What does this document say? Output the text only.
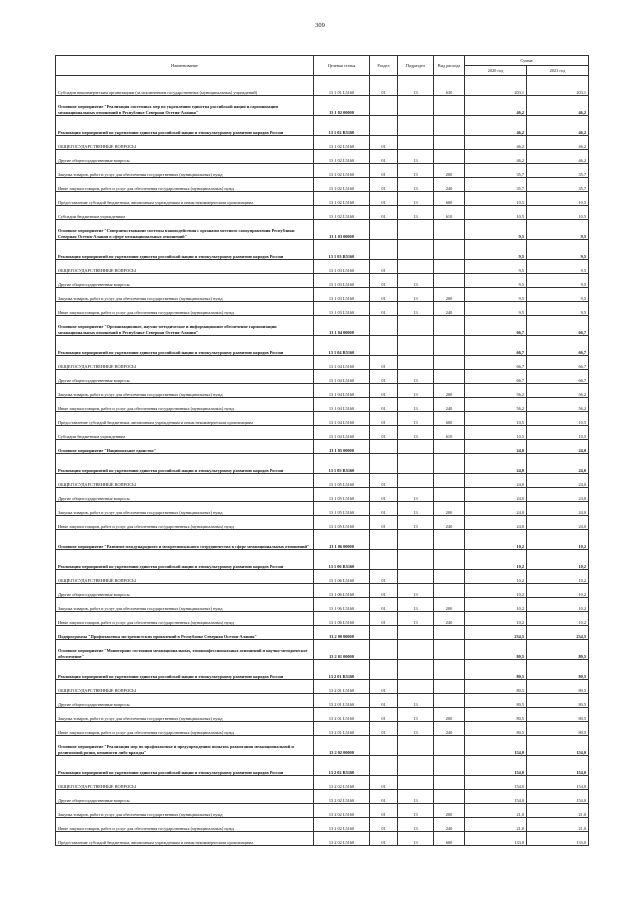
309
Наименование	Целевая статья	Раздел	Подраздел	Вид расхода	Сумма	
					2020 год	2021 год
Субсидии некоммерческим организациям (за исключением государственных (муниципальных) учреждений)	13 1 01 L5160	01	13	630	203,1	203,1
Основное мероприятие "Реализация системных мер по укреплению единства российской нации и гармонизации межнациональных отношений в Республике Северная Осетия-Алания"	13 1 02 00000				46,2	46,2
Реализация мероприятий по укреплению единства российской нации и этнокультурному развитию народов России	13 1 02 R5160				46,2	46,2
ОБЩЕГОСУДАРСТВЕННЫЕ ВОПРОСЫ	13 1 02 L5160	01			46,2	46,2
Другие общегосударственные вопросы	13 1 02 L5160	01	13		46,2	46,2
Закупка товаров, работ и услуг для обеспечения государственных (муниципальных) нужд	13 1 02 L5160	01	13	200	35,7	35,7
Иные закупки товаров, работ и услуг для обеспечения государственных (муниципальных) нужд	13 1 02 L5160	01	13	240	35,7	35,7
Предоставление субсидий бюджетным, автономным учреждениям и иным некоммерческим организациям	13 1 02 L5160	01	13	600	10,5	10,5
Субсидии бюджетным учреждениям	13 1 02 L5160	01	13	610	10,5	10,5
Основное мероприятие "Совершенствование системы взаимодействия с органами местного самоуправления Республики Северная Осетия-Алания в сфере межнациональных отношений"	13 1 03 00000				9,5	9,5
Реализация мероприятий по укреплению единства российской нации и этнокультурному развитию народов России	13 1 03 R5160				9,5	9,5
ОБЩЕГОСУДАРСТВЕННЫЕ ВОПРОСЫ	13 1 03 L5160	01			9,5	9,5
Другие общегосударственные вопросы	13 1 03 L5160	01	13		9,5	9,5
Закупка товаров, работ и услуг для обеспечения государственных (муниципальных) нужд	13 1 03 L5160	01	13	200	9,5	9,5
Иные закупки товаров, работ и услуг для обеспечения государственных (муниципальных) нужд	13 1 03 L5160	01	13	240	9,5	9,5
Основное мероприятие "Организационное, научно-методическое и информационное обеспечение гармонизации межнациональных отношений в Республике Северная Осетия-Алания"	13 1 04 00000				66,7	66,7
Реализация мероприятий по укреплению единства российской нации и этнокультурному развитию народов России	13 1 04 R5160				66,7	66,7
ОБЩЕГОСУДАРСТВЕННЫЕ ВОПРОСЫ	13 1 04 L5160	01			66,7	66,7
Другие общегосударственные вопросы	13 1 04 L5160	01	13		66,7	66,7
Закупка товаров, работ и услуг для обеспечения государственных (муниципальных) нужд	13 1 04 L5160	01	13	200	56,2	56,2
Иные закупки товаров, работ и услуг для обеспечения государственных (муниципальных) нужд	13 1 04 L5160	01	13	240	56,2	56,2
Предоставление субсидий бюджетным, автономным учреждениям и иным некоммерческим организациям	13 1 04 L5160	01	13	600	10,5	10,5
Субсидии бюджетным учреждениям	13 1 04 L5160	01	13	610	10,5	10,5
Основное мероприятие "Национальное единство"	13 1 05 00000				24,0	24,0
Реализация мероприятий по укреплению единства российской нации и этнокультурному развитию народов России	13 1 05 R5160				24,0	24,0
ОБЩЕГОСУДАРСТВЕННЫЕ ВОПРОСЫ	13 1 05 L5160	01			24,0	24,0
Другие общегосударственные вопросы	13 1 05 L5160	01	13		24,0	24,0
Закупка товаров, работ и услуг для обеспечения государственных (муниципальных) нужд	13 1 05 L5160	01	13	200	24,0	24,0
Иные закупки товаров, работ и услуг для обеспечения государственных (муниципальных) нужд	13 1 05 L5160	01	13	240	24,0	24,0
Основное мероприятие "Развитие международного и межрегионального сотрудничества в сфере межнациональных отношений"	13 1 06 00000				10,2	10,2
Реализация мероприятий по укреплению единства российской нации и этнокультурному развитию народов России	13 1 06 R5160				10,2	10,2
ОБЩЕГОСУДАРСТВЕННЫЕ ВОПРОСЫ	13 1 06 L5160	01			10,2	10,2
Другие общегосударственные вопросы	13 1 06 L5160	01	13		10,2	10,2
Закупка товаров, работ и услуг для обеспечения государственных (муниципальных) нужд	13 1 06 L5160	01	13	200	10,2	10,2
Иные закупки товаров, работ и услуг для обеспечения государственных (муниципальных) нужд	13 1 06 L5160	01	13	240	10,2	10,2
Подпрограмма "Профилактика экстремистских проявлений в Республике Северная Осетия-Алания"	13 2 00 00000				234,5	234,5
Основное мероприятие "Мониторинг состояния межнациональных, этноконфессиональных отношений и научно-методическое обеспечение"	13 2 01 00000				80,5	80,5
Реализация мероприятий по укреплению единства российской нации и этнокультурному развитию народов России	13 2 01 R5160				80,5	80,5
ОБЩЕГОСУДАРСТВЕННЫЕ ВОПРОСЫ	13 2 01 L5160	01			80,5	80,5
Другие общегосударственные вопросы	13 2 01 L5160	01	13		80,5	80,5
Закупка товаров, работ и услуг для обеспечения государственных (муниципальных) нужд	13 2 01 L5160	01	13	200	80,5	80,5
Иные закупки товаров, работ и услуг для обеспечения государственных (муниципальных) нужд	13 2 01 L5160	01	13	240	80,5	80,5
Основное мероприятие "Реализация мер по профилактике и предупреждению попыток разжигания межнациональной и религиозной розни, ненависти либо вражды"	13 2 02 00000				154,0	154,0
Реализация мероприятий по укреплению единства российской нации и этнокультурному развитию народов России	13 2 02 R5160				154,0	154,0
ОБЩЕГОСУДАРСТВЕННЫЕ ВОПРОСЫ	13 2 02 L5160	01			154,0	154,0
Другие общегосударственные вопросы	13 2 02 L5160	01	13		154,0	154,0
Закупка товаров, работ и услуг для обеспечения государственных (муниципальных) нужд	13 2 02 L5160	01	13	200	21,0	21,0
Иные закупки товаров, работ и услуг для обеспечения государственных (муниципальных) нужд	13 2 02 L5160	01	13	240	21,0	21,0
Предоставление субсидий бюджетным, автономным учреждениям и иным некоммерческим организациям	13 2 02 L5160	01	13	600	133,0	133,0
